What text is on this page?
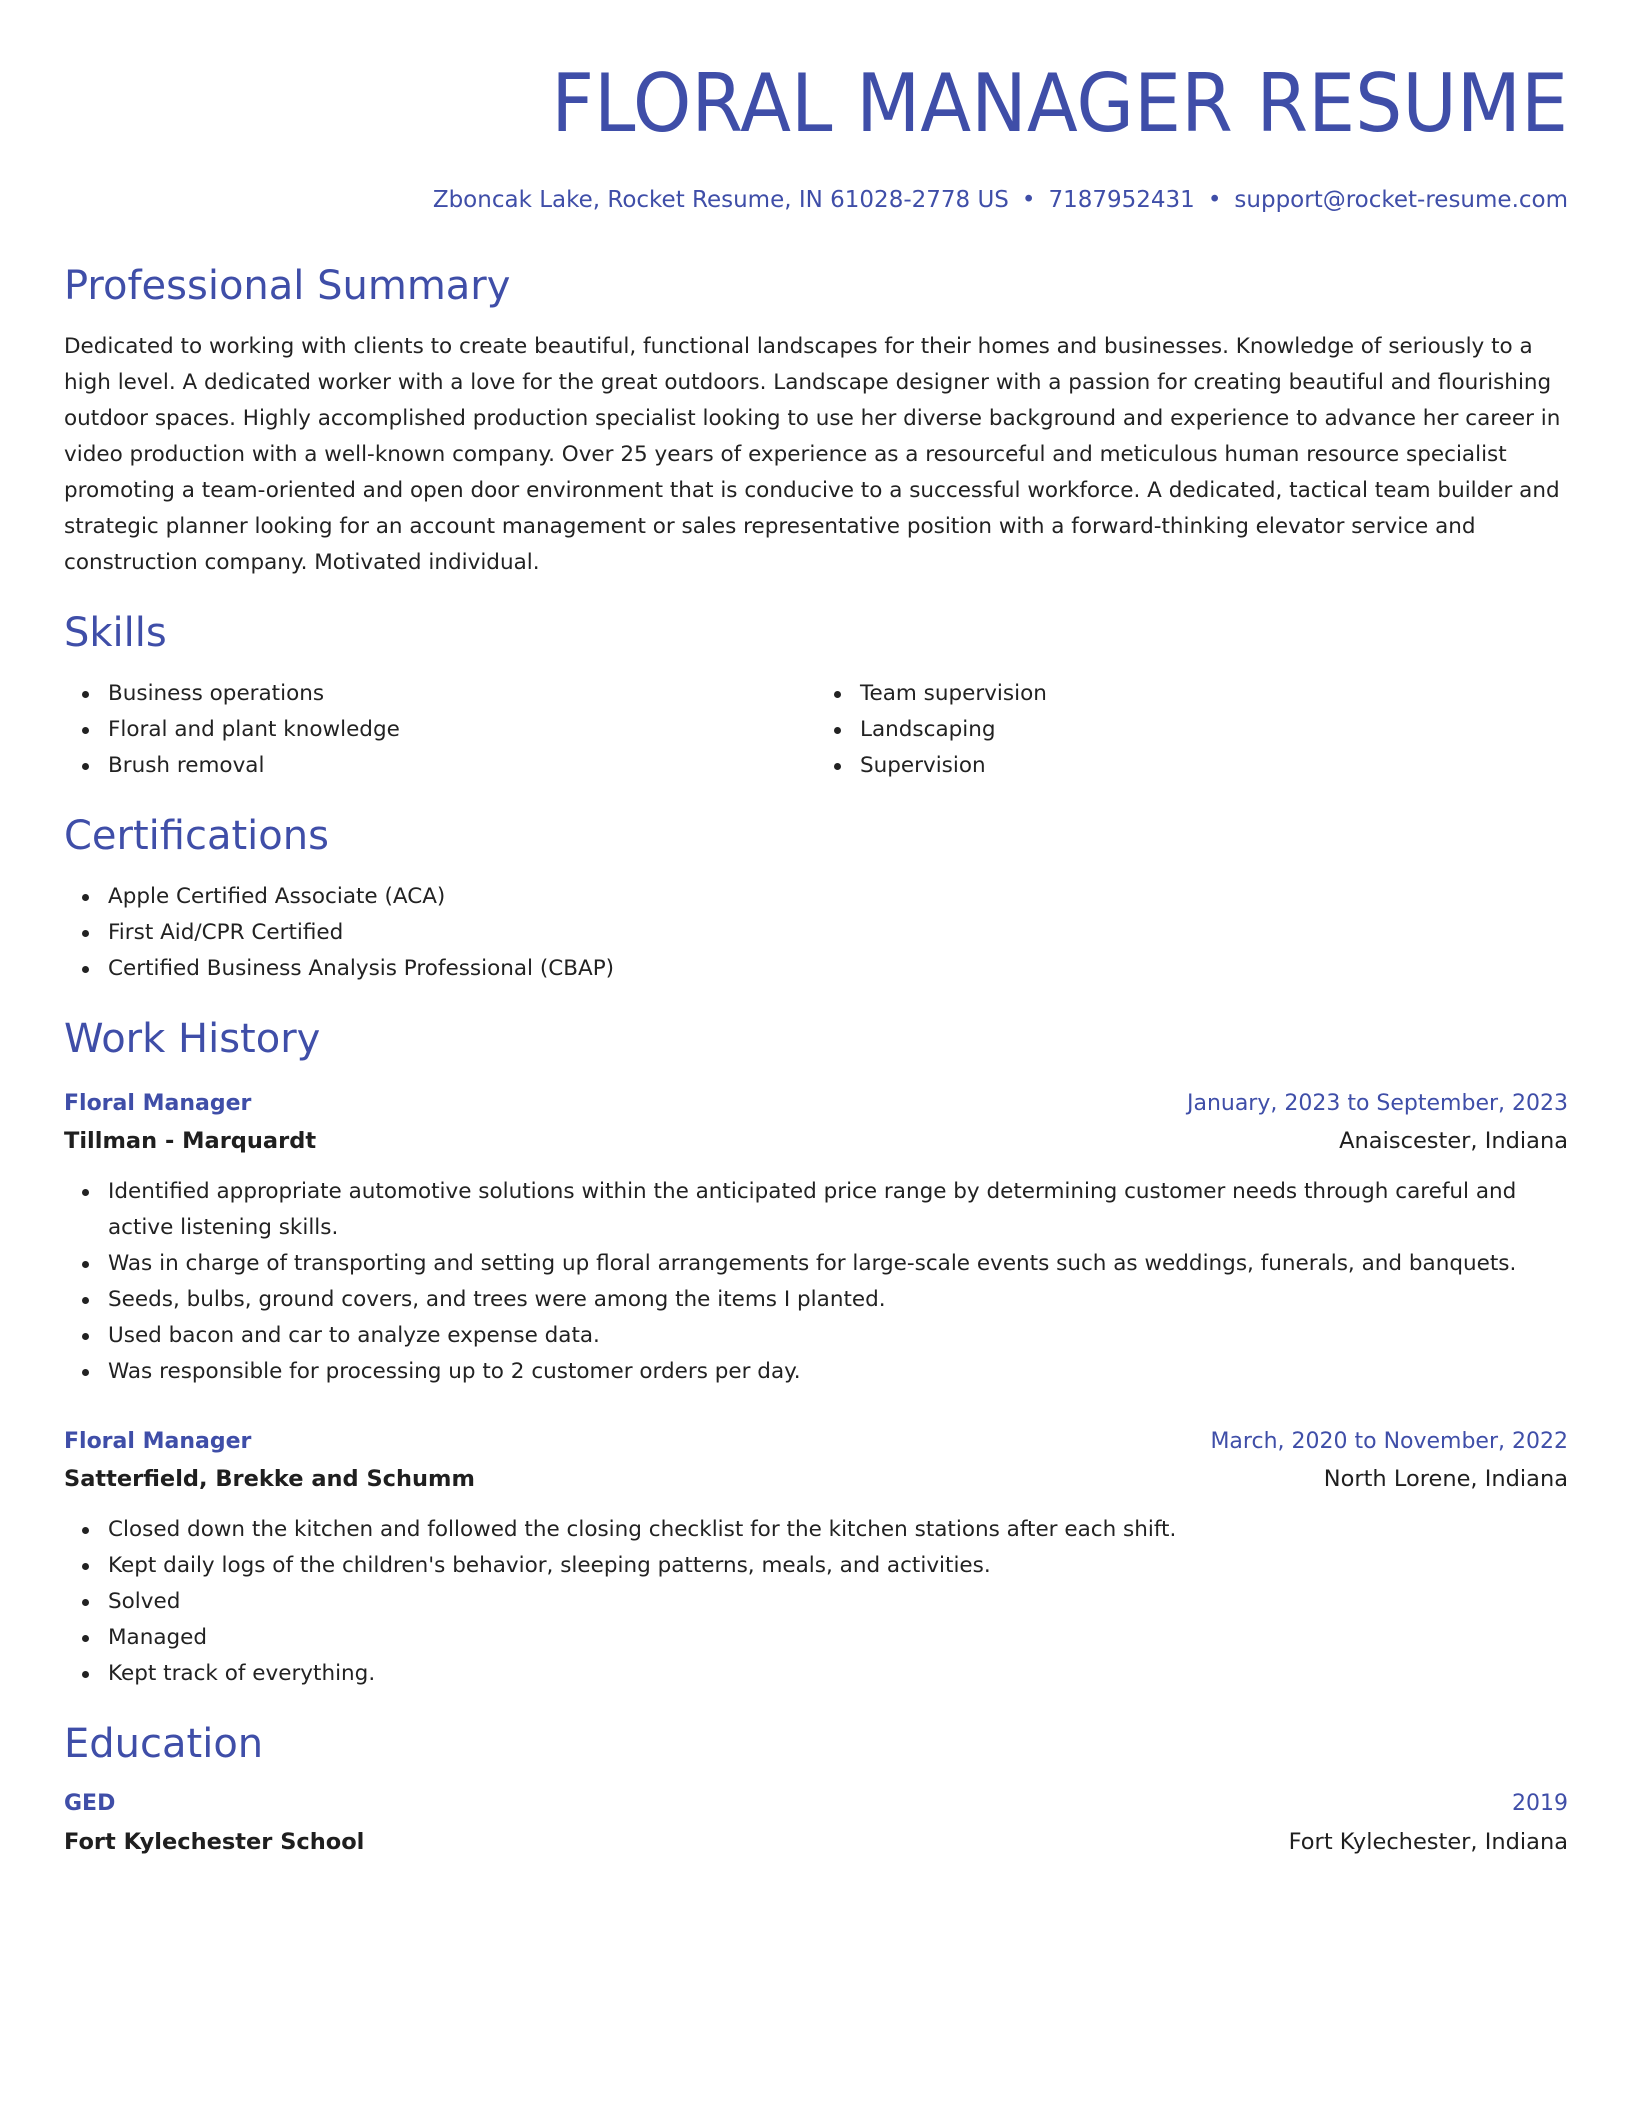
FLORAL MANAGER RESUME
Zboncak Lake, Rocket Resume, IN 61028-2778 US • 7187952431 • support@rocket-resume.com
Professional Summary

Dedicated to working with clients to create beautiful, functional landscapes for their homes and businesses. Knowledge of seriously to a high level. A dedicated worker with a love for the great outdoors. Landscape designer with a passion for creating beautiful and flourishing outdoor spaces. Highly accomplished production specialist looking to use her diverse background and experience to advance her career in video production with a well-known company. Over 25 years of experience as a resourceful and meticulous human resource specialist promoting a team-oriented and open door environment that is conducive to a successful workforce. A dedicated, tactical team builder and strategic planner looking for an account management or sales representative position with a forward-thinking elevator service and construction company. Motivated individual.

Skills
Business operations
Floral and plant knowledge
Brush removal
Team supervision
Landscaping
Supervision
Certifications
Apple Certified Associate (ACA)
First Aid/CPR Certified
Certified Business Analysis Professional (CBAP)
Work History
Floral Manager	January, 2023 to September, 2023
Tillman - Marquardt	Anaiscester, Indiana
Identified appropriate automotive solutions within the anticipated price range by determining customer needs through careful and active listening skills.
Was in charge of transporting and setting up floral arrangements for large-scale events such as weddings, funerals, and banquets.
Seeds, bulbs, ground covers, and trees were among the items I planted.
Used bacon and car to analyze expense data.
Was responsible for processing up to 2 customer orders per day.
Floral Manager	March, 2020 to November, 2022
Satterfield, Brekke and Schumm	North Lorene, Indiana
Closed down the kitchen and followed the closing checklist for the kitchen stations after each shift.
Kept daily logs of the children's behavior, sleeping patterns, meals, and activities.
Solved
Managed
Kept track of everything.
Education
GED	2019
Fort Kylechester School	Fort Kylechester, Indiana
